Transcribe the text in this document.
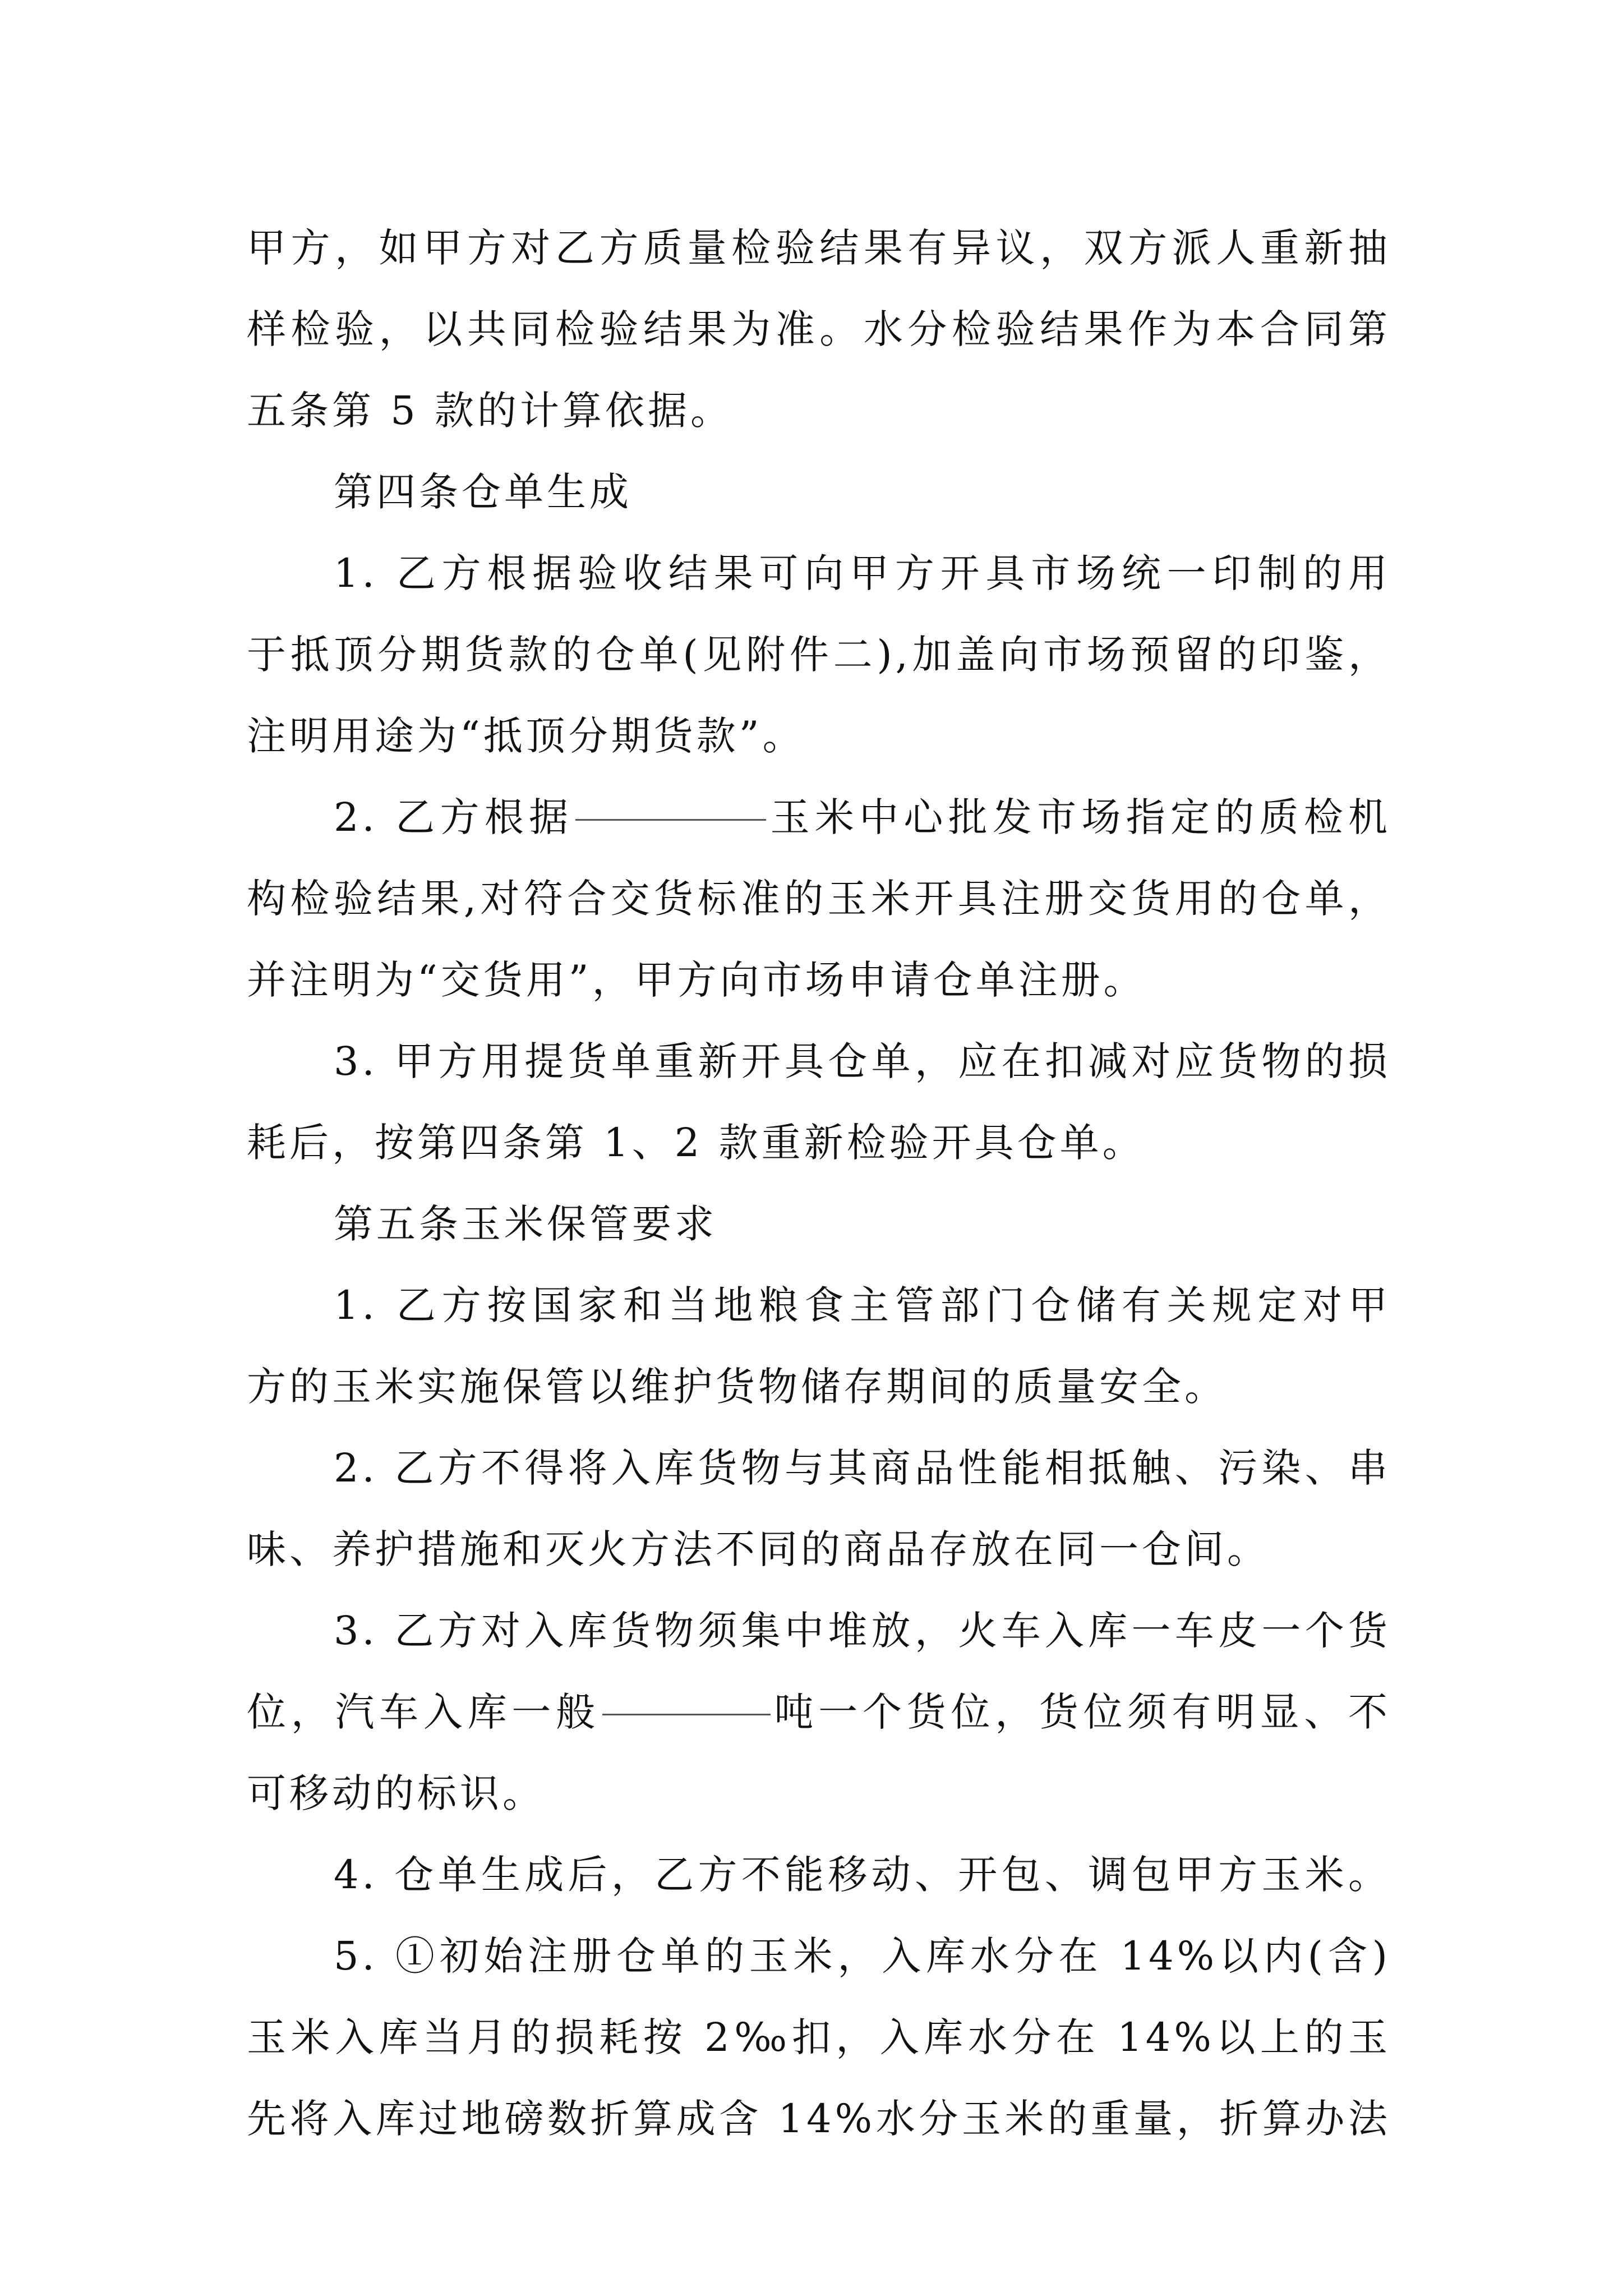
甲方，如甲方对乙方质量检验结果有异议，双方派人重新抽
样检验，以共同检验结果为准。水分检验结果作为本合同第
五条第 5 款的计算依据。
第四条仓单生成
1. 乙方根据验收结果可向甲方开具市场统一印制的用
于抵顶分期货款的仓单(见附件二),加盖向市场预留的印鉴，
注明用途为“抵顶分期货款”。
2. 乙方根据	玉米中心批发市场指定的质检机
构检验结果,对符合交货标准的玉米开具注册交货用的仓单，
并注明为“交货用”，甲方向市场申请仓单注册。
3. 甲方用提货单重新开具仓单，应在扣减对应货物的损
耗后，按第四条第 1、2 款重新检验开具仓单。
第五条玉米保管要求
1. 乙方按国家和当地粮食主管部门仓储有关规定对甲
方的玉米实施保管以维护货物储存期间的质量安全。
2. 乙方不得将入库货物与其商品性能相抵触、污染、串
味、养护措施和灭火方法不同的商品存放在同一仓间。
3. 乙方对入库货物须集中堆放，火车入库一车皮一个货
位，汽车入库一般	吨一个货位，货位须有明显、不
可移动的标识。
4. 仓单生成后，乙方不能移动、开包、调包甲方玉米。
5. ①初始注册仓单的玉米，入库水分在 14%以内(含)
玉米入库当月的损耗按 2‰扣，入库水分在 14%以上的玉
先将入库过地磅数折算成含 14%水分玉米的重量，折算办法
